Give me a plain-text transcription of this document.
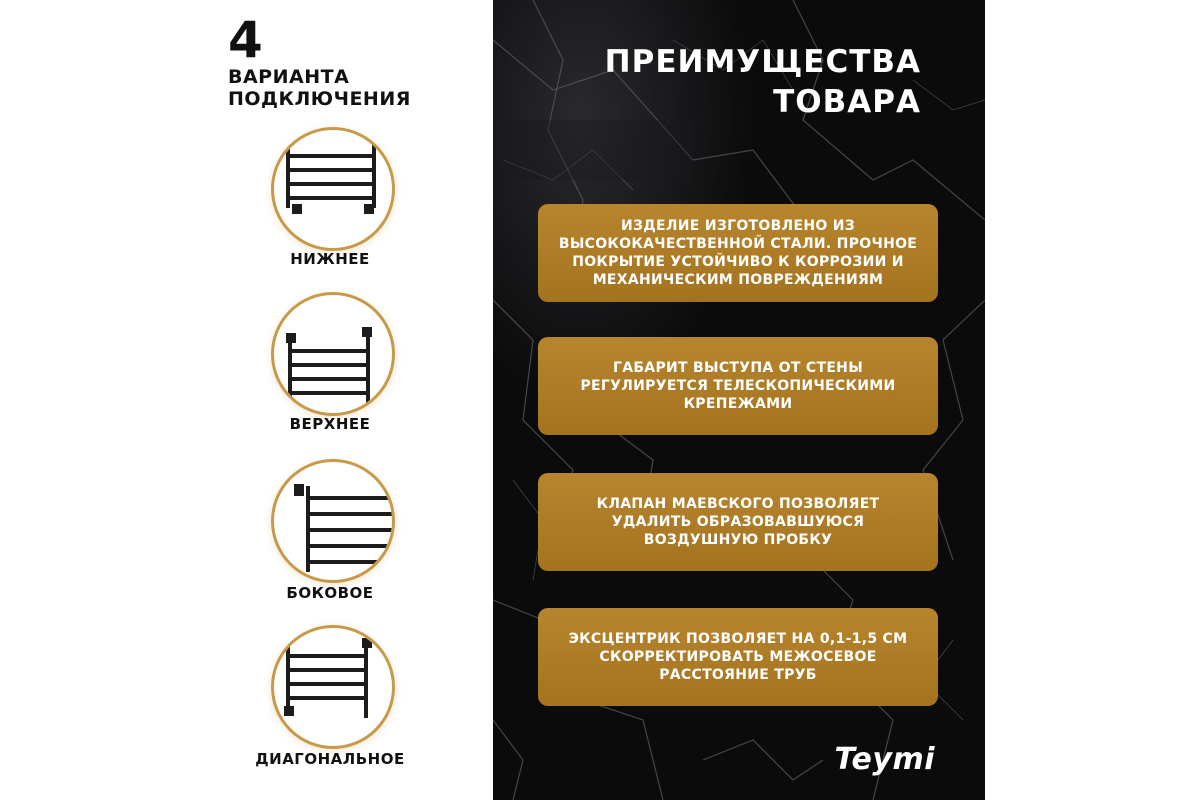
4
ВАРИАНТА
ПОДКЛЮЧЕНИЯ
НИЖНЕЕ
ВЕРХНЕЕ
БОКОВОЕ
ДИАГОНАЛЬНОЕ
ПРЕИМУЩЕСТВА
ТОВАРА
ИЗДЕЛИЕ ИЗГОТОВЛЕНО ИЗ ВЫСОКОКАЧЕСТВЕННОЙ СТАЛИ. ПРОЧНОЕ ПОКРЫТИЕ УСТОЙЧИВО К КОРРОЗИИ И МЕХАНИЧЕСКИМ ПОВРЕЖДЕНИЯМ
ГАБАРИТ ВЫСТУПА ОТ СТЕНЫ РЕГУЛИРУЕТСЯ ТЕЛЕСКОПИЧЕСКИМИ КРЕПЕЖАМИ
КЛАПАН МАЕВСКОГО ПОЗВОЛЯЕТ УДАЛИТЬ ОБРАЗОВАВШУЮСЯ ВОЗДУШНУЮ ПРОБКУ
ЭКСЦЕНТРИК ПОЗВОЛЯЕТ НА 0,1-1,5 СМ СКОРРЕКТИРОВАТЬ МЕЖОСЕВОЕ РАССТОЯНИЕ ТРУБ
Teymi
